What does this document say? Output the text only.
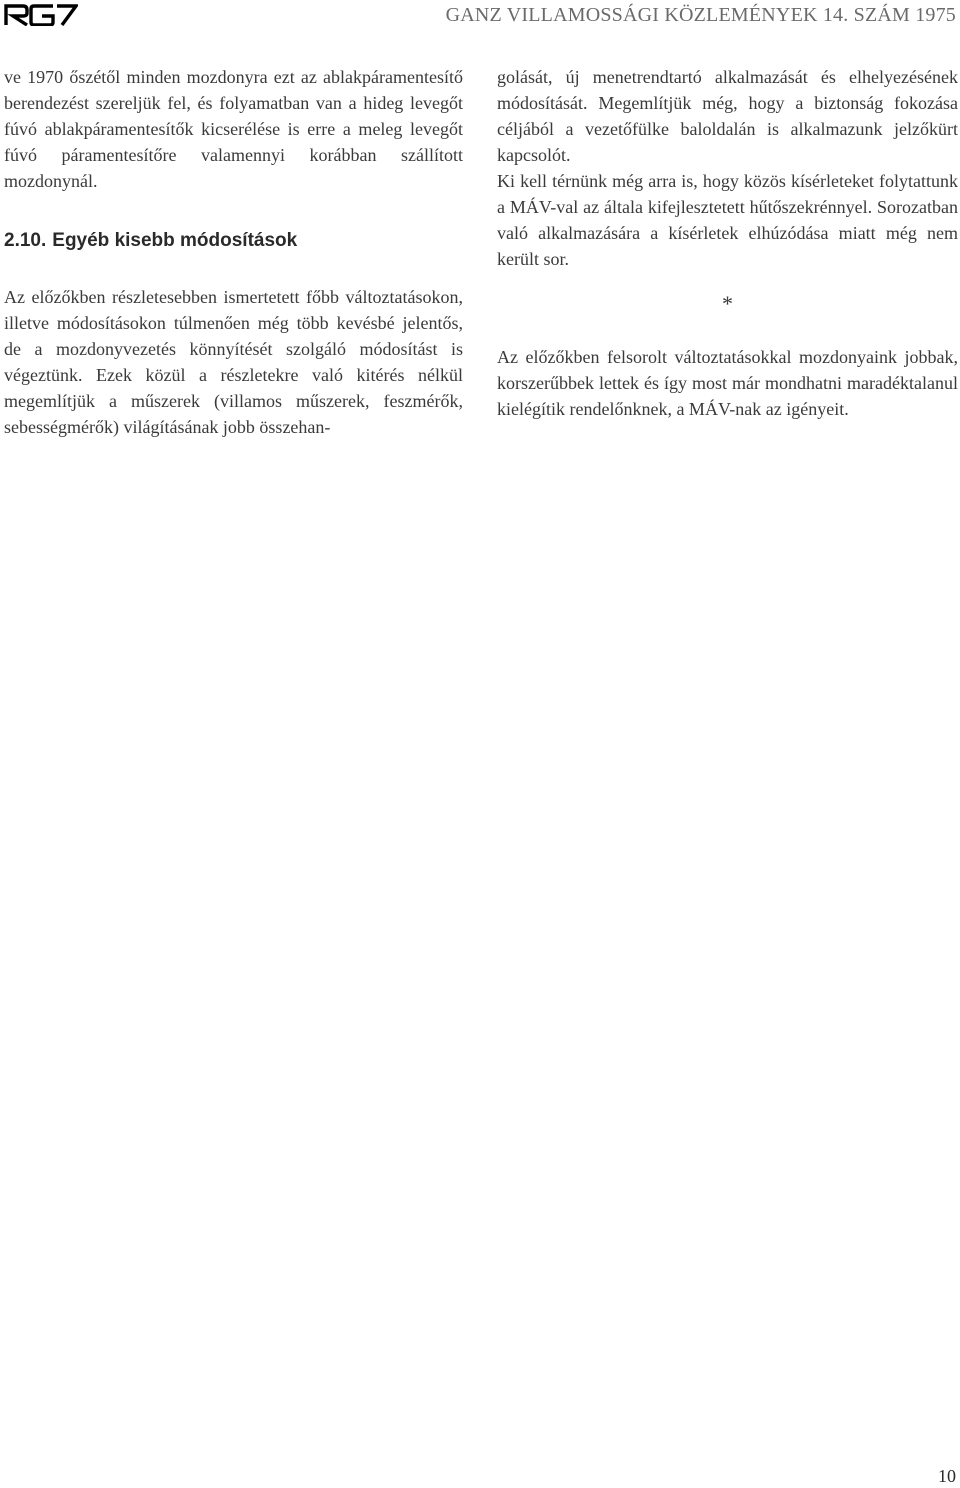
GANZ VILLAMOSSÁGI KÖZLEMÉNYEK 14. SZÁM 1975

ve 1970 őszétől minden mozdonyra ezt az ablakpáramentesítő berendezést szereljük fel, és folyamatban van a hideg levegőt fúvó ablakpáramentesítők kicserélése is erre a meleg levegőt fúvó páramentesítőre valamennyi korábban szállított mozdonynál.

2.10. Egyéb kisebb módosítások

Az előzőkben részletesebben ismertetett főbb változtatásokon, illetve módosításokon túlmenően még több kevésbé jelentős, de a mozdonyvezetés könnyítését szolgáló módosítást is végeztünk. Ezek közül a részletekre való kitérés nélkül megemlítjük a műszerek (villamos műszerek, feszmérők, sebességmérők) világításának jobb összehan-

golását, új menetrendtartó alkalmazását és elhelyezésének módosítását. Megemlítjük még, hogy a biztonság fokozása céljából a vezetőfülke baloldalán is alkalmazunk jelzőkürt kapcsolót.

Ki kell térnünk még arra is, hogy közös kísérleteket folytattunk a MÁV-val az általa kifejlesztetett hűtőszekrénnyel. Sorozatban való alkalmazására a kísérletek elhúzódása miatt még nem került sor.

*

Az előzőkben felsorolt változtatásokkal mozdonyaink jobbak, korszerűbbek lettek és így most már mondhatni maradéktalanul kielégítik rendelőnknek, a MÁV-nak az igényeit.

10
